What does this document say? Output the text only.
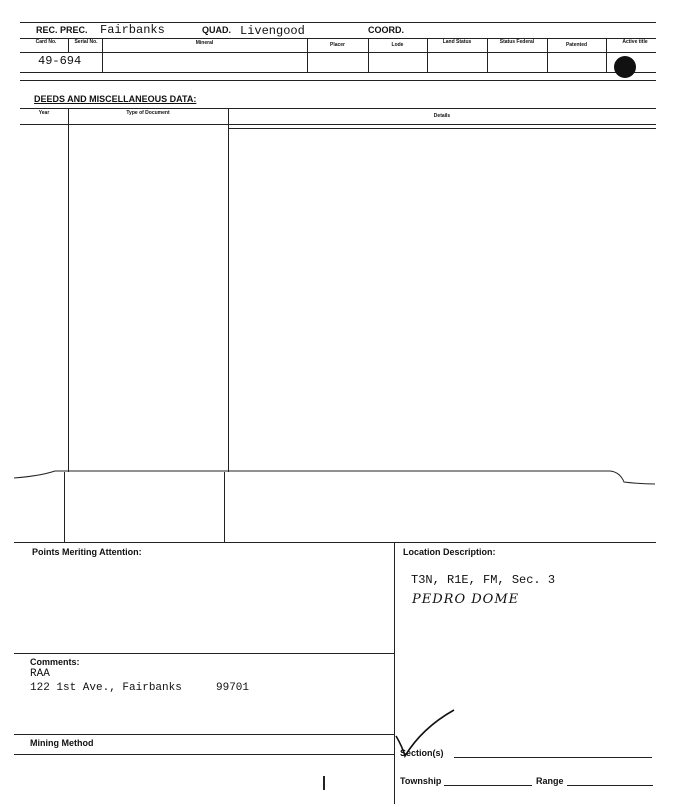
REC. PREC. Fairbanks	QUAD. Livengood	COORD.
Card No.	Serial No.	Mineral	Placer	Lode	Land Status	Status Federal	Patented	Active title
49-694
DEEDS AND MISCELLANEOUS DATA:
Year	Type of Document	Details
Points Meriting Attention:	Location Description:
T3N, R1E, FM, Sec. 3
PEDRO DOME
Comments:
RAA
122 1st Ave., Fairbanks	99701
Mining Method
Section(s)
Township	Range
